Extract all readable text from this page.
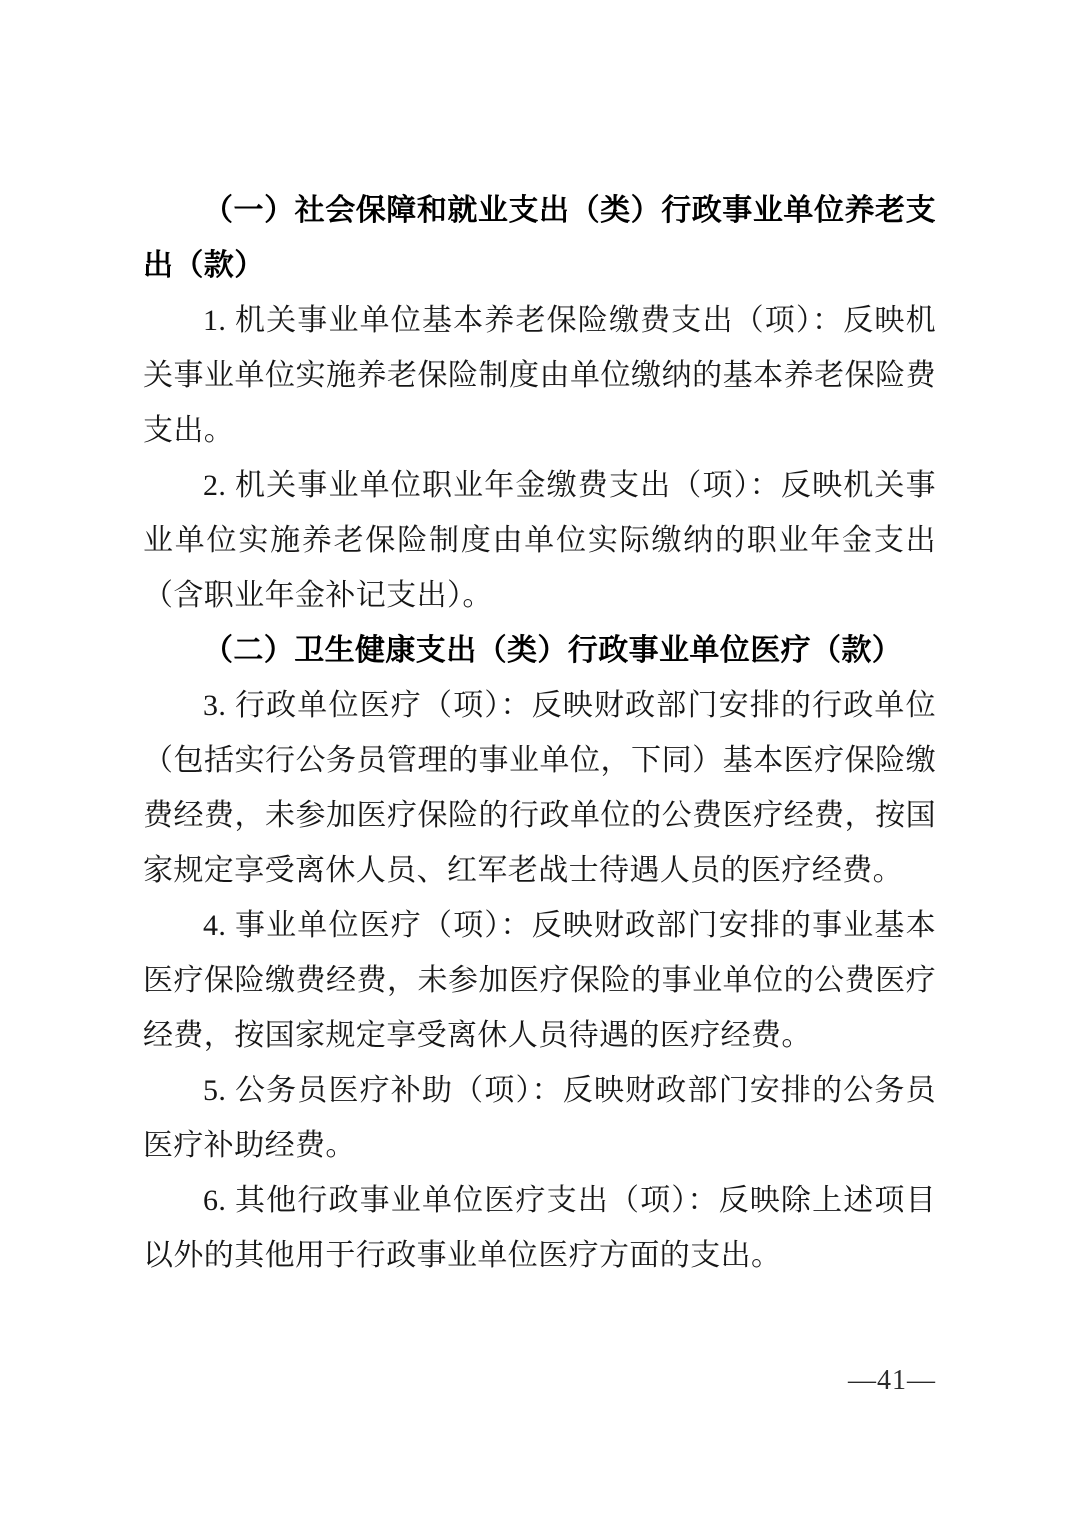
（一）社会保障和就业支出（类）行政事业单位养老支出（款）

1. 机关事业单位基本养老保险缴费支出（项）：反映机关事业单位实施养老保险制度由单位缴纳的基本养老保险费支出。

2. 机关事业单位职业年金缴费支出（项）：反映机关事业单位实施养老保险制度由单位实际缴纳的职业年金支出（含职业年金补记支出）。

（二）卫生健康支出（类）行政事业单位医疗（款）

3. 行政单位医疗（项）：反映财政部门安排的行政单位（包括实行公务员管理的事业单位，下同）基本医疗保险缴费经费，未参加医疗保险的行政单位的公费医疗经费，按国家规定享受离休人员、红军老战士待遇人员的医疗经费。

4. 事业单位医疗（项）：反映财政部门安排的事业基本医疗保险缴费经费，未参加医疗保险的事业单位的公费医疗经费，按国家规定享受离休人员待遇的医疗经费。

5. 公务员医疗补助（项）：反映财政部门安排的公务员医疗补助经费。

6. 其他行政事业单位医疗支出（项）：反映除上述项目以外的其他用于行政事业单位医疗方面的支出。

—41—
